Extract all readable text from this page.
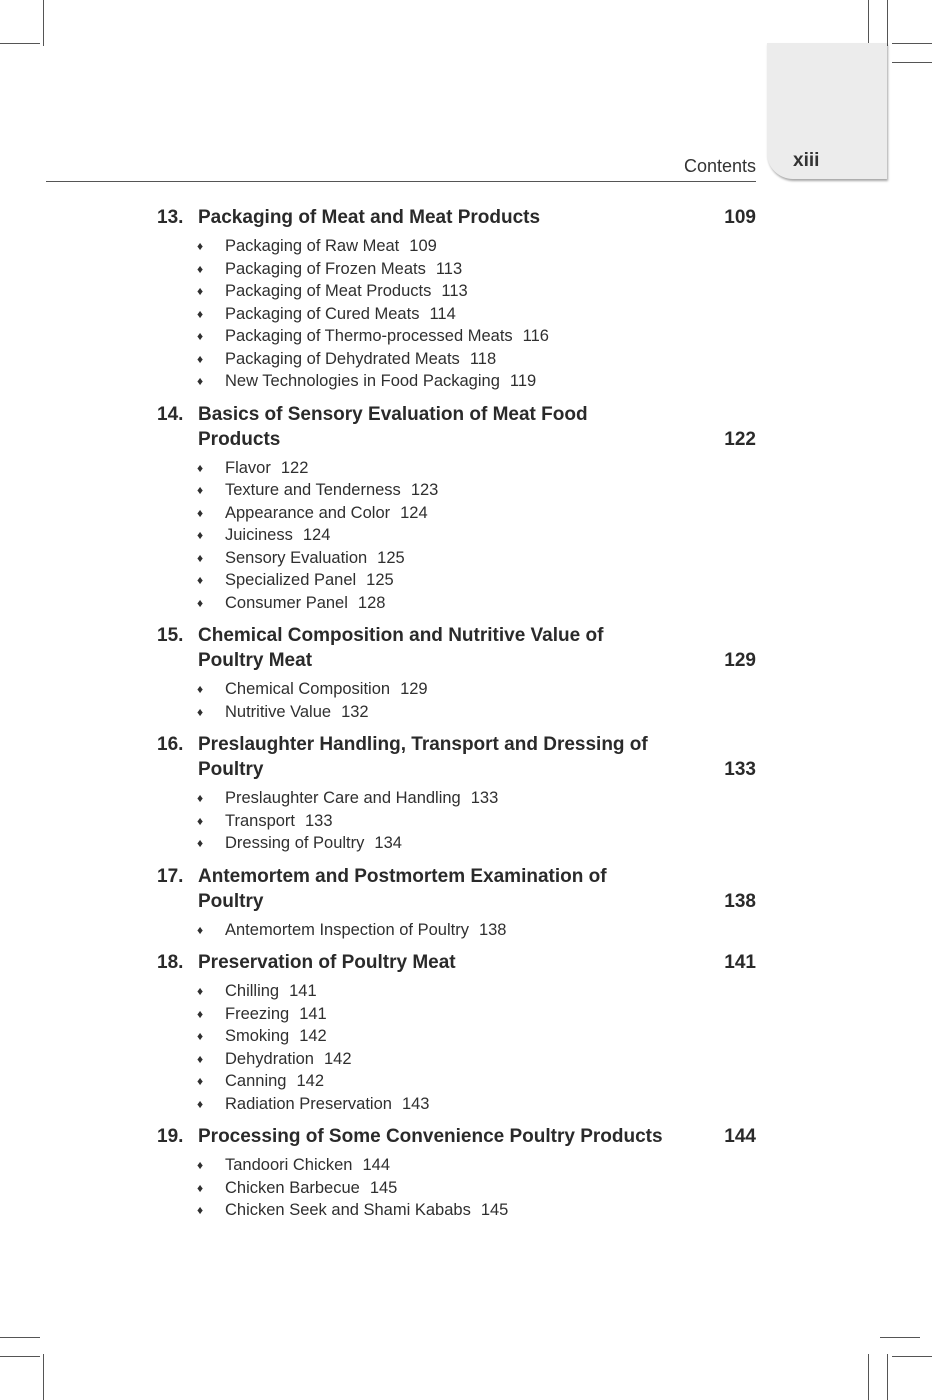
xiii
Contents
13. Packaging of Meat and Meat Products	109
♦ Packaging of Raw Meat 109
♦ Packaging of Frozen Meats 113
♦ Packaging of Meat Products 113
♦ Packaging of Cured Meats 114
♦ Packaging of Thermo-processed Meats 116
♦ Packaging of Dehydrated Meats 118
♦ New Technologies in Food Packaging 119
14. Basics of Sensory Evaluation of Meat Food Products	122
♦ Flavor 122
♦ Texture and Tenderness 123
♦ Appearance and Color 124
♦ Juiciness 124
♦ Sensory Evaluation 125
♦ Specialized Panel 125
♦ Consumer Panel 128
15. Chemical Composition and Nutritive Value of Poultry Meat	129
♦ Chemical Composition 129
♦ Nutritive Value 132
16. Preslaughter Handling, Transport and Dressing of Poultry	133
♦ Preslaughter Care and Handling 133
♦ Transport 133
♦ Dressing of Poultry 134
17. Antemortem and Postmortem Examination of Poultry	138
♦ Antemortem Inspection of Poultry 138
18. Preservation of Poultry Meat	141
♦ Chilling 141
♦ Freezing 141
♦ Smoking 142
♦ Dehydration 142
♦ Canning 142
♦ Radiation Preservation 143
19. Processing of Some Convenience Poultry Products	144
♦ Tandoori Chicken 144
♦ Chicken Barbecue 145
♦ Chicken Seek and Shami Kababs 145
